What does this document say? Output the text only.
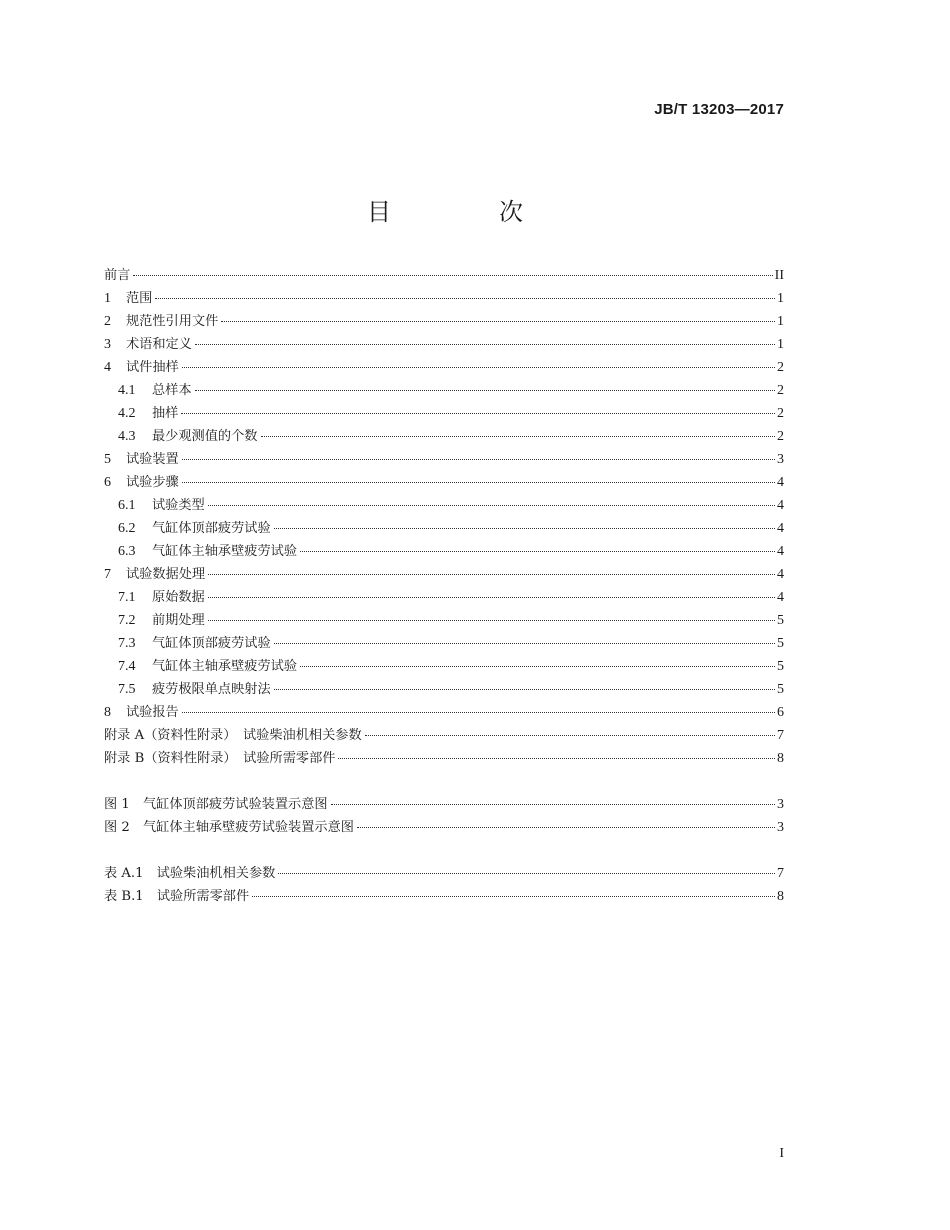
JB/T 13203—2017
目　次
前言	II
1	范围	1
2	规范性引用文件	1
3	术语和定义	1
4	试件抽样	2
4.1	总样本	2
4.2	抽样	2
4.3	最少观测值的个数	2
5	试验装置	3
6	试验步骤	4
6.1	试验类型	4
6.2	气缸体顶部疲劳试验	4
6.3	气缸体主轴承壁疲劳试验	4
7	试验数据处理	4
7.1	原始数据	4
7.2	前期处理	5
7.3	气缸体顶部疲劳试验	5
7.4	气缸体主轴承壁疲劳试验	5
7.5	疲劳极限单点映射法	5
8	试验报告	6
附录 A（资料性附录）　试验柴油机相关参数	7
附录 B（资料性附录）　试验所需零部件	8
图 1　气缸体顶部疲劳试验装置示意图	3
图 2　气缸体主轴承壁疲劳试验装置示意图	3
表 A.1　试验柴油机相关参数	7
表 B.1　试验所需零部件	8
I
